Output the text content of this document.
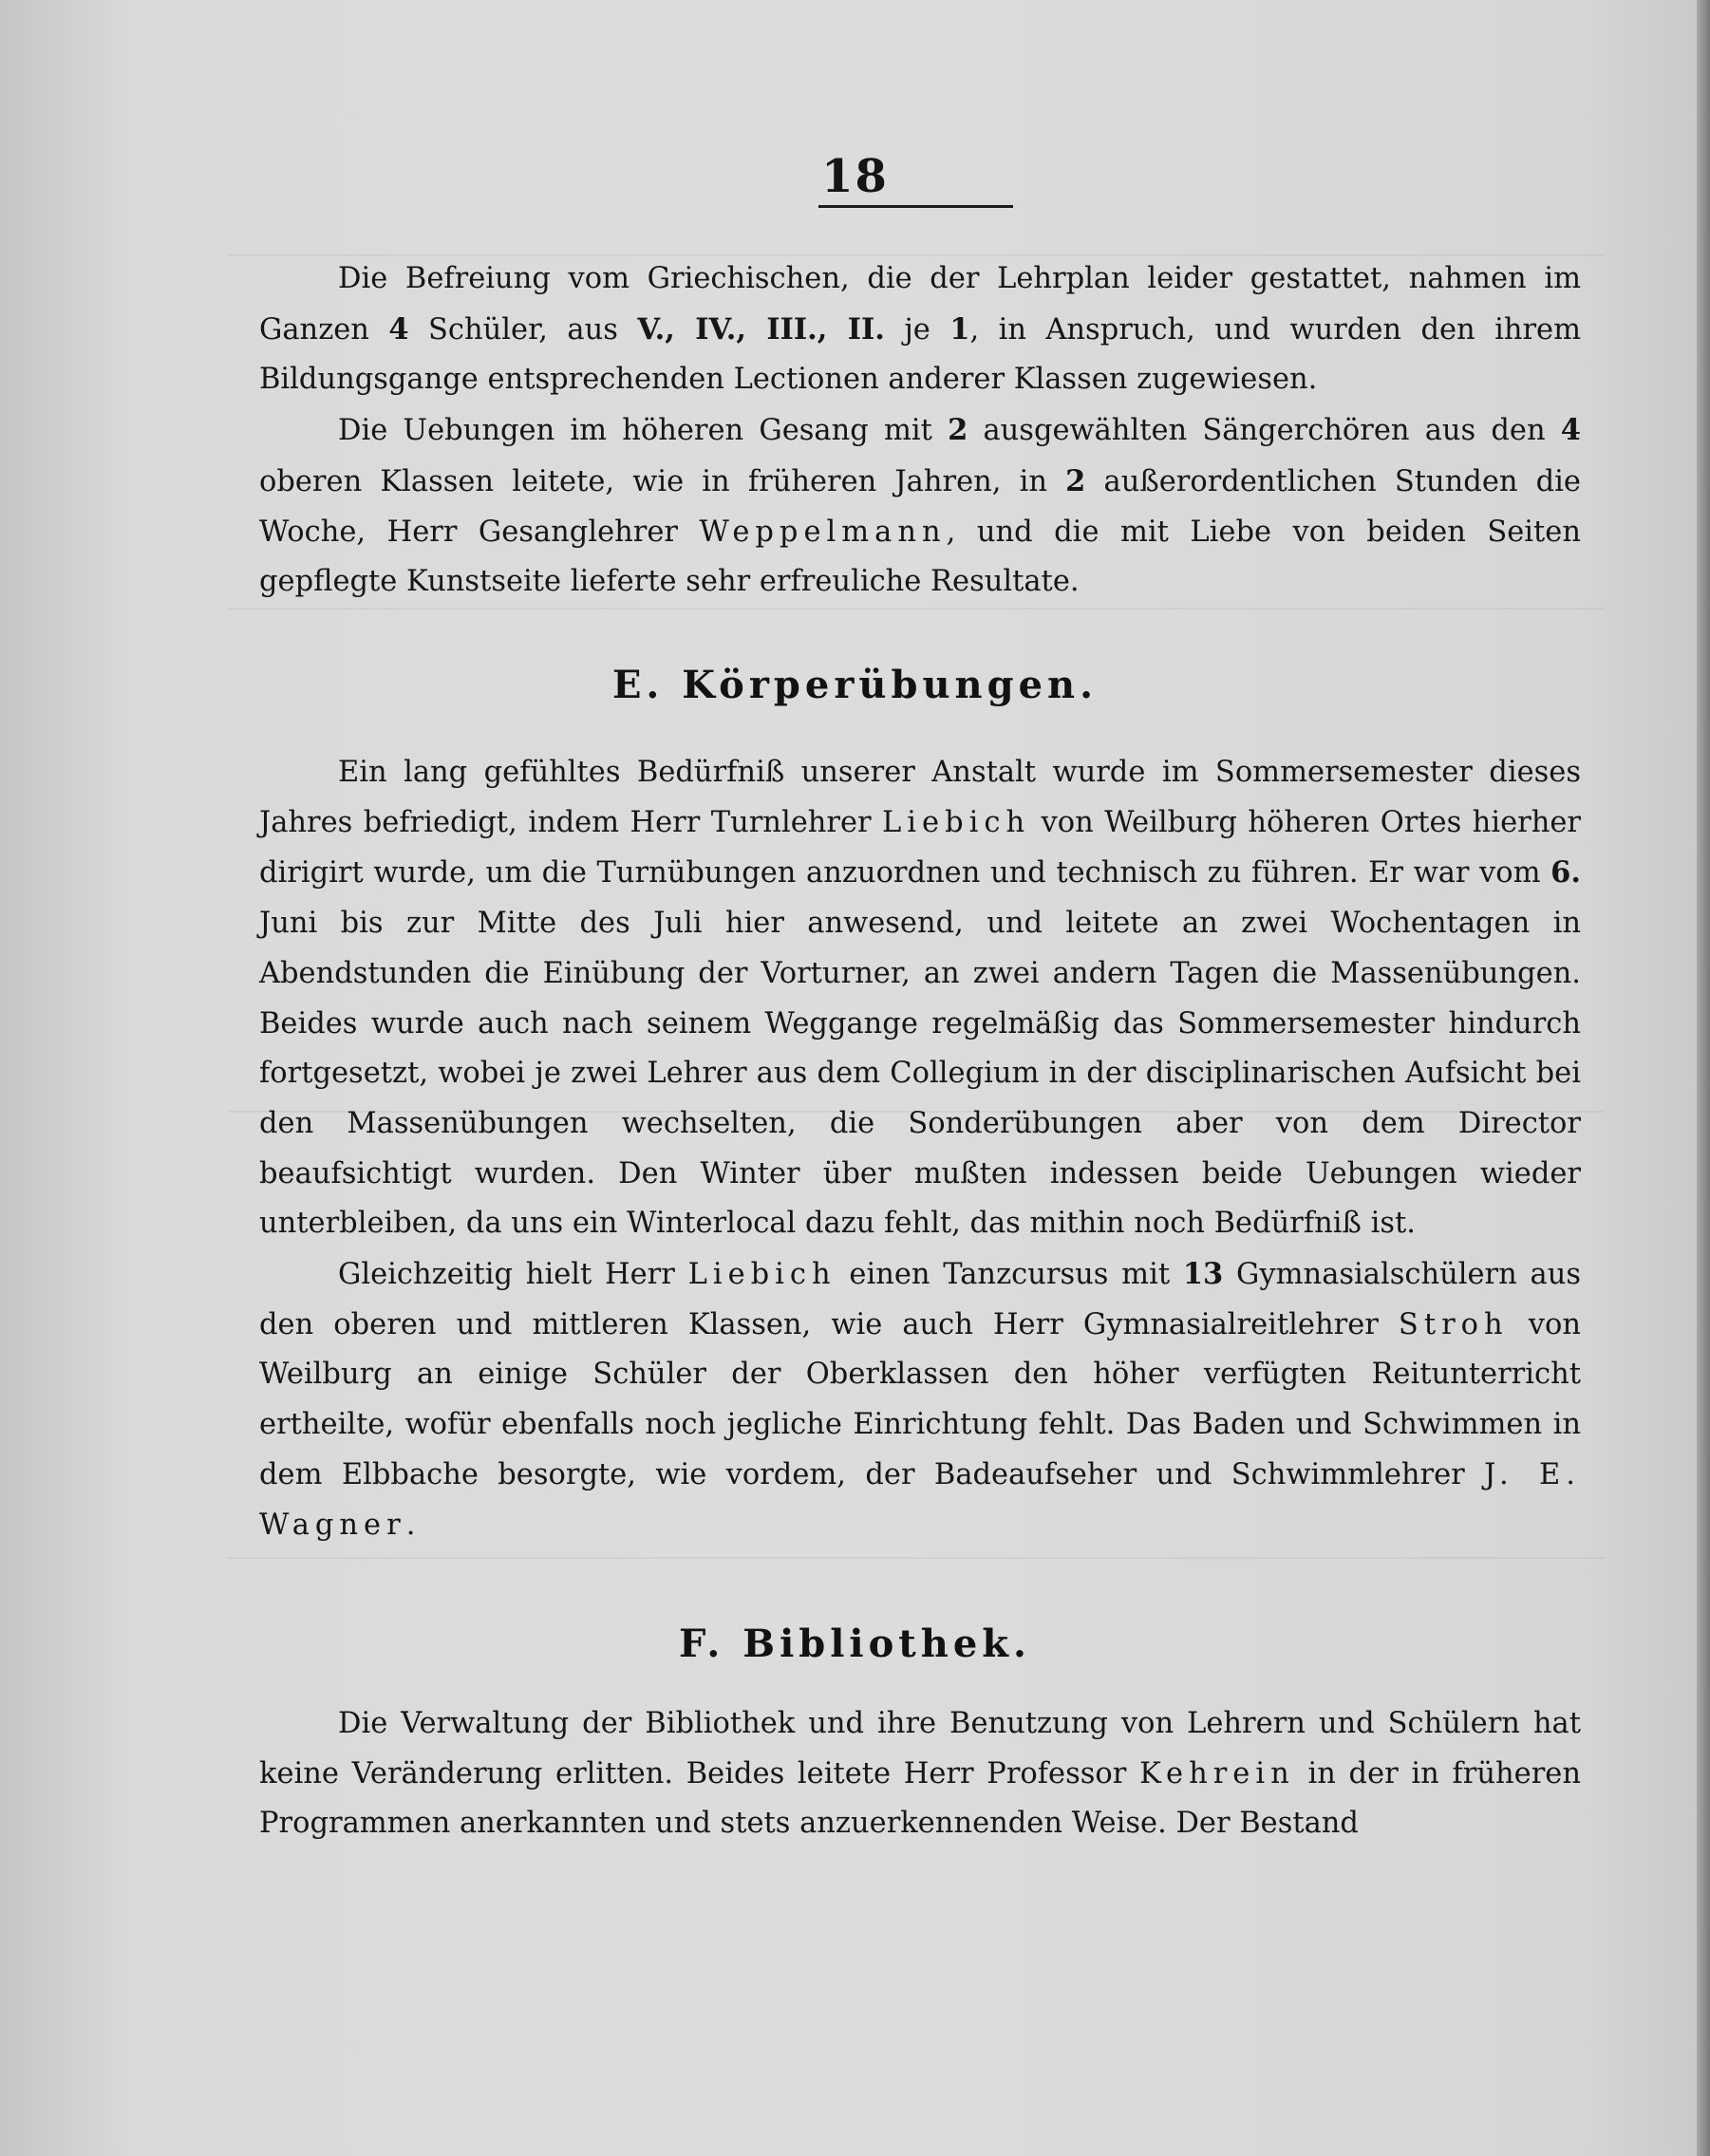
18

Die Befreiung vom Griechischen, die der Lehrplan leider gestattet, nahmen im Ganzen 4 Schüler, aus V., IV., III., II. je 1, in Anspruch, und wurden den ihrem Bildungsgange entsprechenden Lectionen anderer Klassen zugewiesen.

Die Uebungen im höheren Gesang mit 2 ausgewählten Sängerchören aus den 4 oberen Klassen leitete, wie in früheren Jahren, in 2 außerordentlichen Stunden die Woche, Herr Gesanglehrer Weppelmann, und die mit Liebe von beiden Seiten gepflegte Kunstseite lieferte sehr erfreuliche Resultate.

E. Körperübungen.

Ein lang gefühltes Bedürfniß unserer Anstalt wurde im Sommersemester dieses Jahres befriedigt, indem Herr Turnlehrer Liebich von Weilburg höheren Ortes hierher dirigirt wurde, um die Turnübungen anzuordnen und technisch zu führen. Er war vom 6. Juni bis zur Mitte des Juli hier anwesend, und leitete an zwei Wochentagen in Abendstunden die Einübung der Vorturner, an zwei andern Tagen die Massenübungen. Beides wurde auch nach seinem Weggange regelmäßig das Sommersemester hindurch fortgesetzt, wobei je zwei Lehrer aus dem Collegium in der disciplinarischen Aufsicht bei den Massenübungen wechselten, die Sonderübungen aber von dem Director beaufsichtigt wurden. Den Winter über mußten indessen beide Uebungen wieder unterbleiben, da uns ein Winterlocal dazu fehlt, das mithin noch Bedürfniß ist.

Gleichzeitig hielt Herr Liebich einen Tanzcursus mit 13 Gymnasialschülern aus den oberen und mittleren Klassen, wie auch Herr Gymnasialreitlehrer Stroh von Weilburg an einige Schüler der Oberklassen den höher verfügten Reitunterricht ertheilte, wofür ebenfalls noch jegliche Einrichtung fehlt. Das Baden und Schwimmen in dem Elbbache besorgte, wie vordem, der Badeaufseher und Schwimmlehrer J. E. Wagner.

F. Bibliothek.

Die Verwaltung der Bibliothek und ihre Benutzung von Lehrern und Schülern hat keine Veränderung erlitten. Beides leitete Herr Professor Kehrein in der in früheren Programmen anerkannten und stets anzuerkennenden Weise. Der Bestand
